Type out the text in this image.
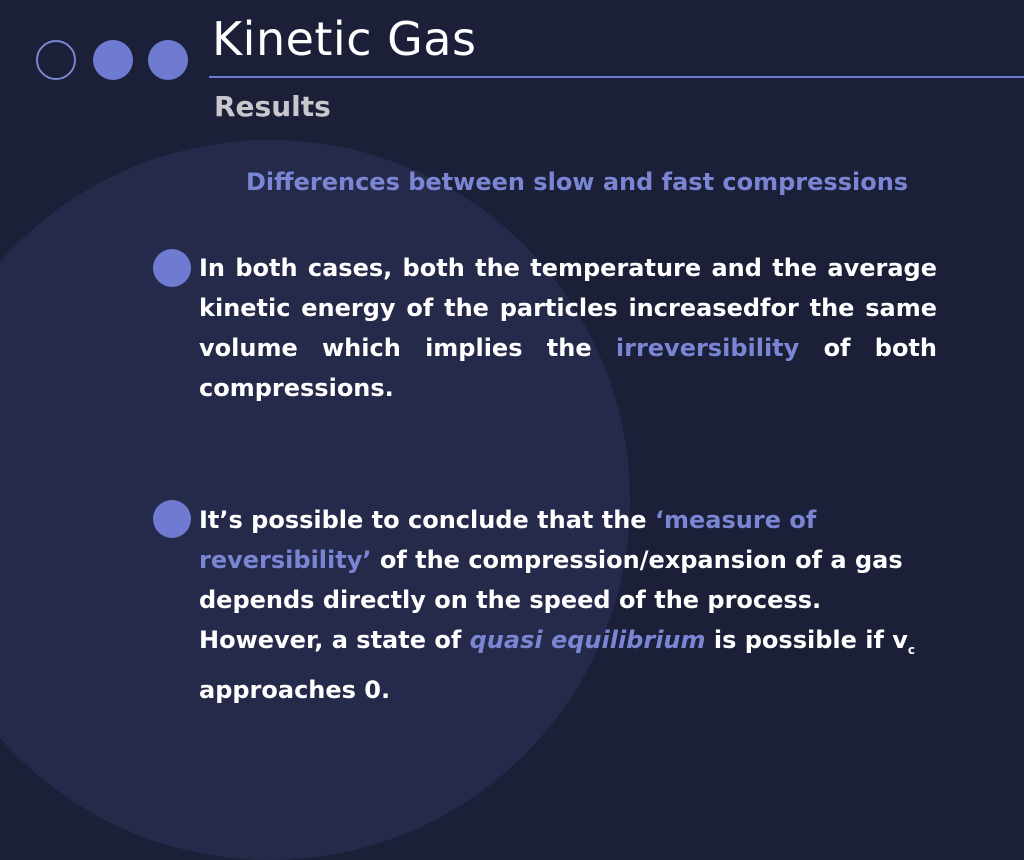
Kinetic Gas
Results
Differences between slow and fast compressions

In both cases, both the temperature and the average kinetic energy of the particles increasedfor the same volume which implies the irreversibility of both compressions.

It’s possible to conclude that the ‘measure of reversibility’ of the compression/expansion of a gas depends directly on the speed of the process. However, a state of quasi equilibrium is possible if $v_c$ approaches 0.
